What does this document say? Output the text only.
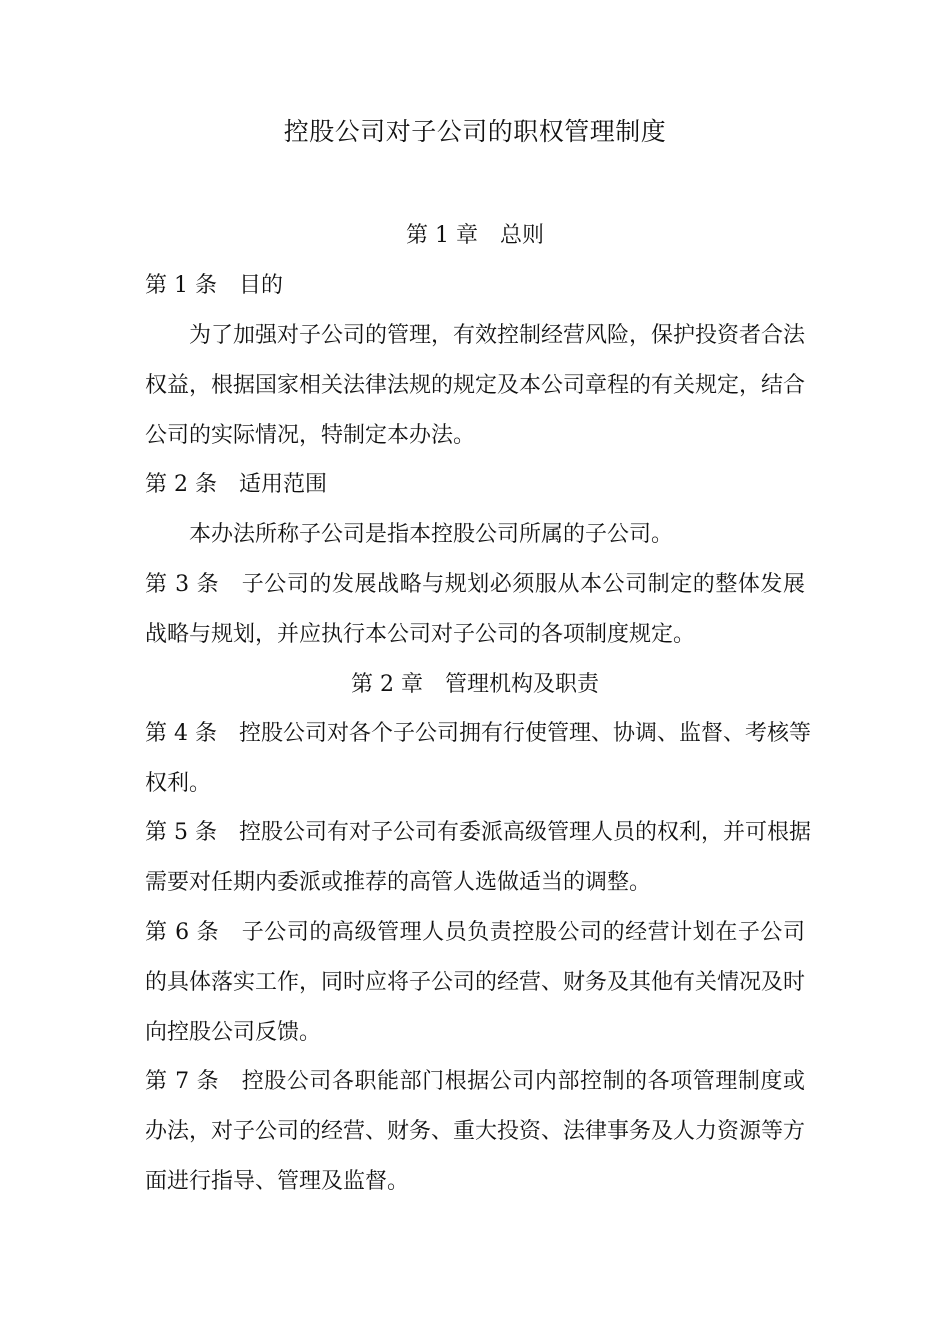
控股公司对子公司的职权管理制度
第 1 章　总则
第 1 条　目的
为了加强对子公司的管理，有效控制经营风险，保护投资者合法
权益，根据国家相关法律法规的规定及本公司章程的有关规定，结合
公司的实际情况，特制定本办法。
第 2 条　适用范围
本办法所称子公司是指本控股公司所属的子公司。
第 3 条　子公司的发展战略与规划必须服从本公司制定的整体发展
战略与规划，并应执行本公司对子公司的各项制度规定。
第 2 章　管理机构及职责
第 4 条　控股公司对各个子公司拥有行使管理、协调、监督、考核等
权利。
第 5 条　控股公司有对子公司有委派高级管理人员的权利，并可根据
需要对任期内委派或推荐的高管人选做适当的调整。
第 6 条　子公司的高级管理人员负责控股公司的经营计划在子公司
的具体落实工作，同时应将子公司的经营、财务及其他有关情况及时
向控股公司反馈。
第 7 条　控股公司各职能部门根据公司内部控制的各项管理制度或
办法，对子公司的经营、财务、重大投资、法律事务及人力资源等方
面进行指导、管理及监督。
